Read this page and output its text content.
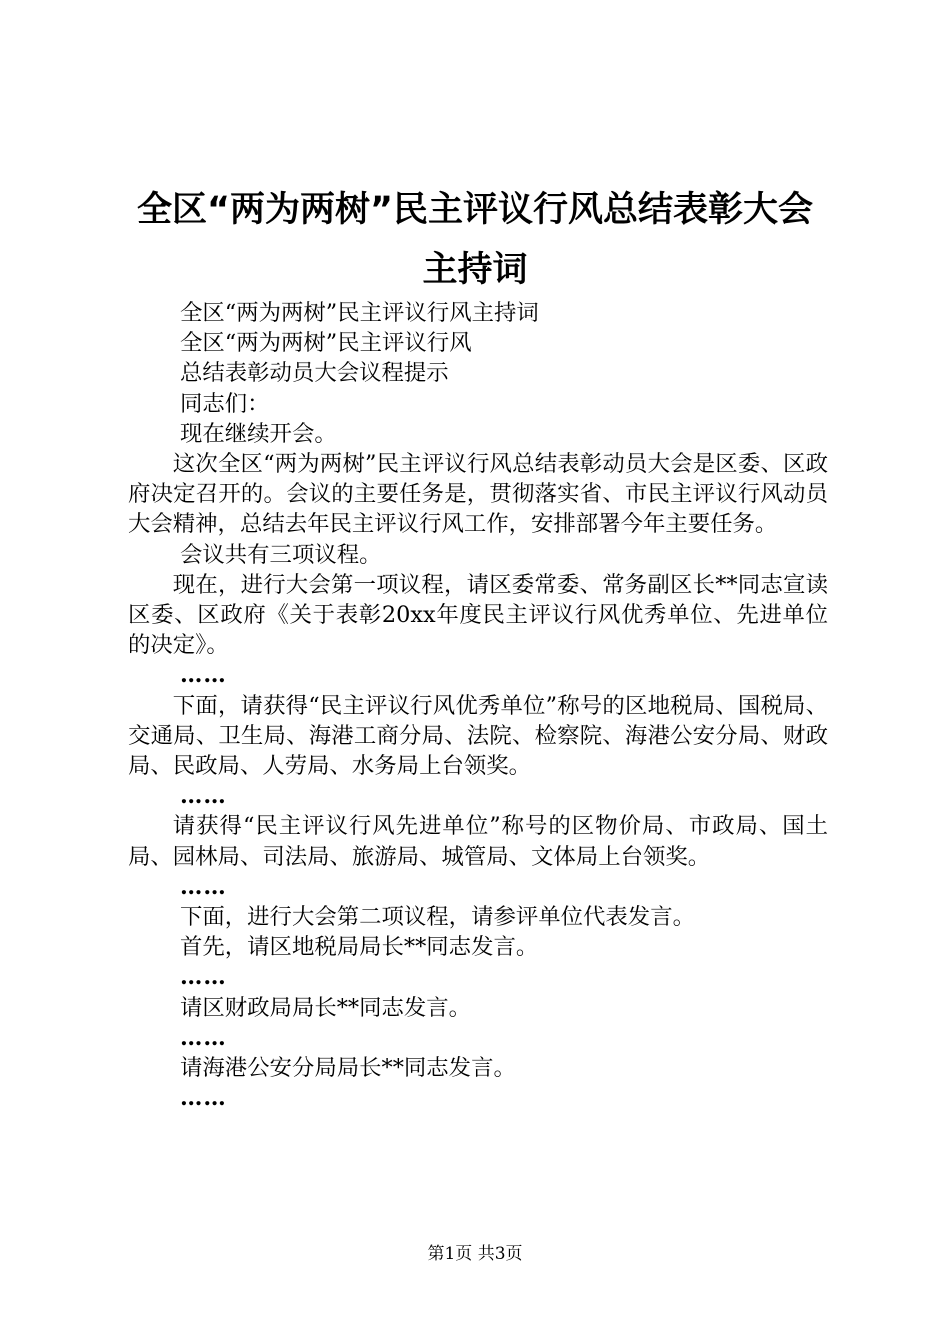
全区“两为两树”民主评议行风总结表彰大会
主持词

全区“两为两树”民主评议行风主持词

全区“两为两树”民主评议行风

总结表彰动员大会议程提示

同志们：

现在继续开会。

这次全区“两为两树”民主评议行风总结表彰动员大会是区委、区政府决定召开的。会议的主要任务是，贯彻落实省、市民主评议行风动员大会精神，总结去年民主评议行风工作，安排部署今年主要任务。

会议共有三项议程。

现在，进行大会第一项议程，请区委常委、常务副区长**同志宣读区委、区政府《关于表彰20xx年度民主评议行风优秀单位、先进单位的决定》。

……

下面，请获得“民主评议行风优秀单位”称号的区地税局、国税局、交通局、卫生局、海港工商分局、法院、检察院、海港公安分局、财政局、民政局、人劳局、水务局上台领奖。

……

请获得“民主评议行风先进单位”称号的区物价局、市政局、国土局、园林局、司法局、旅游局、城管局、文体局上台领奖。

……

下面，进行大会第二项议程，请参评单位代表发言。

首先，请区地税局局长**同志发言。

……

请区财政局局长**同志发言。

……

请海港公安分局局长**同志发言。

……

第1页 共3页
